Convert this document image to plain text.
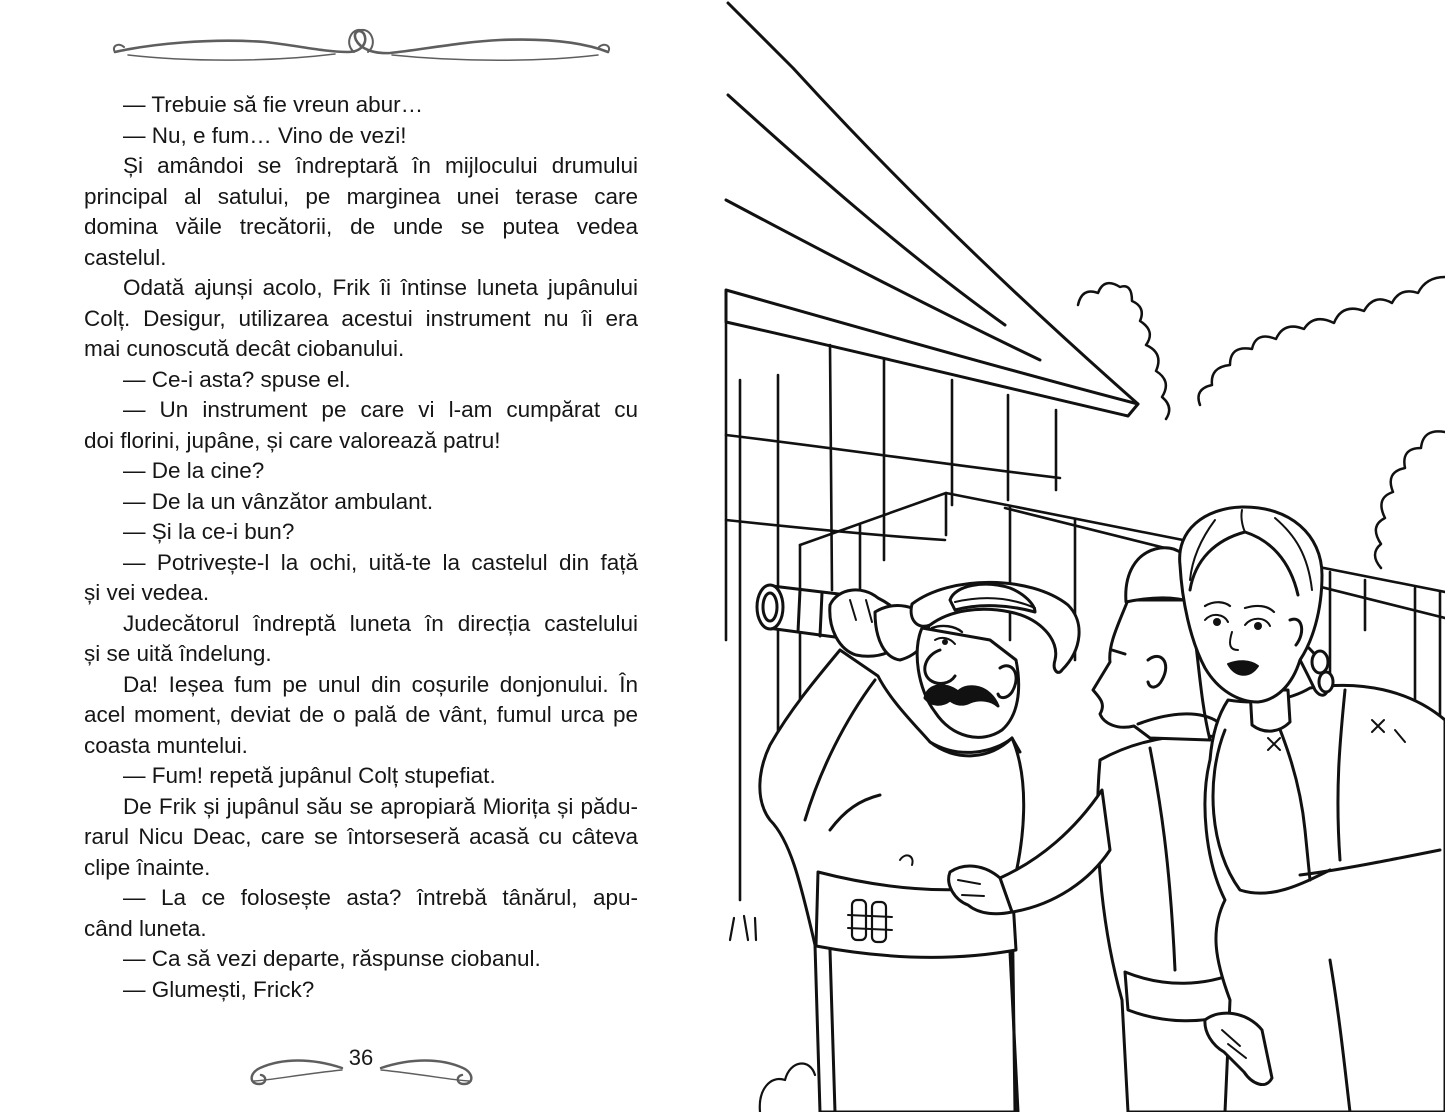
— Trebuie să fie vreun abur…
— Nu, e fum… Vino de vezi!
Și amândoi se îndreptară în mijlocului drumului
principal al satului, pe marginea unei terase care
domina văile trecătorii, de unde se putea vedea
castelul.
Odată ajunși acolo, Frik îi întinse luneta jupânului
Colț. Desigur, utilizarea acestui instrument nu îi era
mai cunoscută decât ciobanului.
— Ce-i asta? spuse el.
— Un instrument pe care vi l-am cumpărat cu
doi florini, jupâne, și care valorează patru!
— De la cine?
— De la un vânzător ambulant.
— Și la ce-i bun?
— Potrivește-l la ochi, uită-te la castelul din față
și vei vedea.
Judecătorul îndreptă luneta în direcția castelului
și se uită îndelung.
Da! Ieșea fum pe unul din coșurile donjonului. În
acel moment, deviat de o pală de vânt, fumul urca pe
coasta muntelui.
— Fum! repetă jupânul Colț stupefiat.
De Frik și jupânul său se apropiară Miorița și pădu-
rarul Nicu Deac, care se întorseseră acasă cu câteva
clipe înainte.
— La ce folosește asta? întrebă tânărul, apu-
când luneta.
— Ca să vezi departe, răspunse ciobanul.
— Glumești, Frick?
36
